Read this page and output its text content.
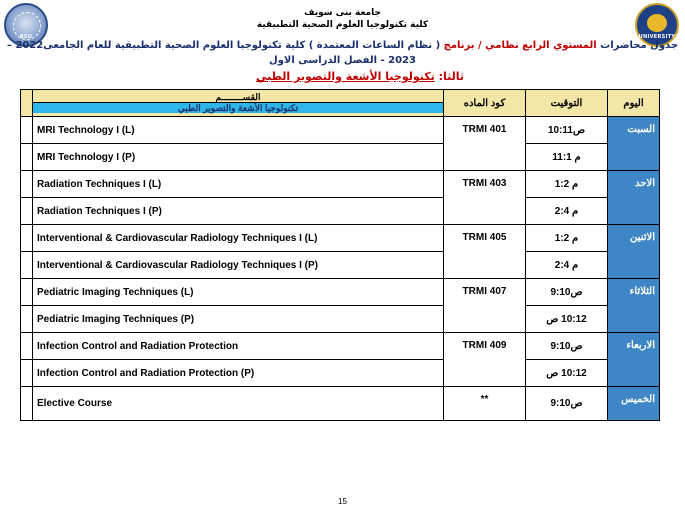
BSU	UNIVERSITY
جامعة بنى سويف
كلية تكنولوجيا العلوم الصحية التطبيقية
جدول محاضرات المستوي الرابع نظامي / برنامج ( نظام الساعات المعتمدة ) كلية تكنولوجيا العلوم الصحية التطبيقية للعام الجامعى2022 –
2023 - الفصل الدراسى الاول
ثالثا: تكنولوجيا الأشعة والتصوير الطبي

	القســــــــم
تكنولوجيا الأشعة والتصوير الطبي	كود الماده	التوقيت	اليوم
	MRI Technology I (L)	TRMI 401	ص10:11	السبت
	MRI Technology I (P)		م 11:1	
	Radiation Techniques I (L)	TRMI 403	م 1:2	الاحد
	Radiation Techniques I (P)		م 2:4	
	Interventional & Cardiovascular Radiology Techniques I (L)	TRMI 405	م 1:2	الاثنين
	Interventional & Cardiovascular Radiology Techniques I (P)		م 2:4	
	Pediatric Imaging Techniques (L)	TRMI 407	ص9:10	الثلاثاء
	Pediatric Imaging Techniques (P)		10:12 ص	
	Infection Control and Radiation Protection	TRMI 409	ص9:10	الاربعاء
	Infection Control and Radiation Protection (P)		10:12 ص	
	Elective Course	**	ص9:10	الخميس
15
